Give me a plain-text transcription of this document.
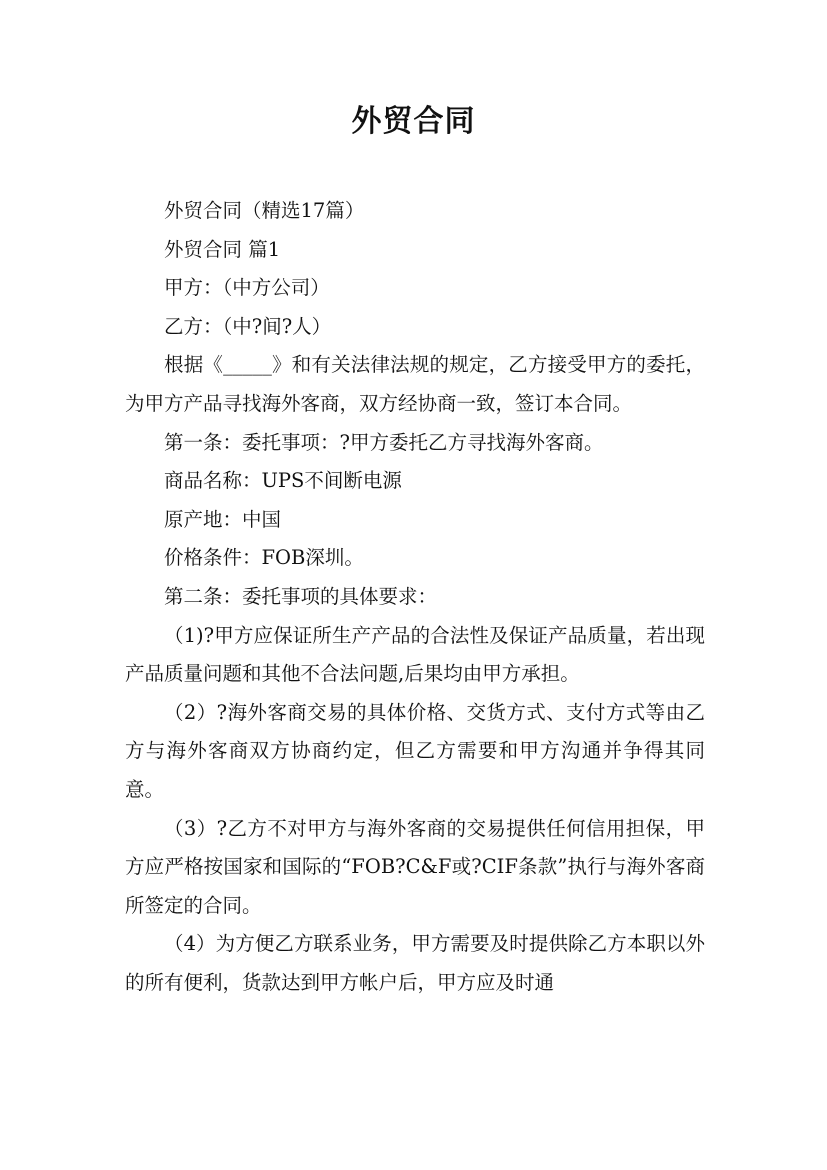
外贸合同

外贸合同（精选17篇）

外贸合同 篇1

甲方：（中方公司）

乙方：（中?间?人）

根据《_____》和有关法律法规的规定，乙方接受甲方的委托，为甲方产品寻找海外客商，双方经协商一致，签订本合同。

第一条：委托事项：?甲方委托乙方寻找海外客商。

商品名称：UPS不间断电源

原产地：中国

价格条件：FOB深圳。

第二条：委托事项的具体要求：

（1)?甲方应保证所生产产品的合法性及保证产品质量，若出现产品质量问题和其他不合法问题,后果均由甲方承担。

（2）?海外客商交易的具体价格、交货方式、支付方式等由乙方与海外客商双方协商约定，但乙方需要和甲方沟通并争得其同意。

（3）?乙方不对甲方与海外客商的交易提供任何信用担保，甲方应严格按国家和国际的“FOB?C&F或?CIF条款”执行与海外客商所签定的合同。

（4）为方便乙方联系业务，甲方需要及时提供除乙方本职以外的所有便利，货款达到甲方帐户后，甲方应及时通
